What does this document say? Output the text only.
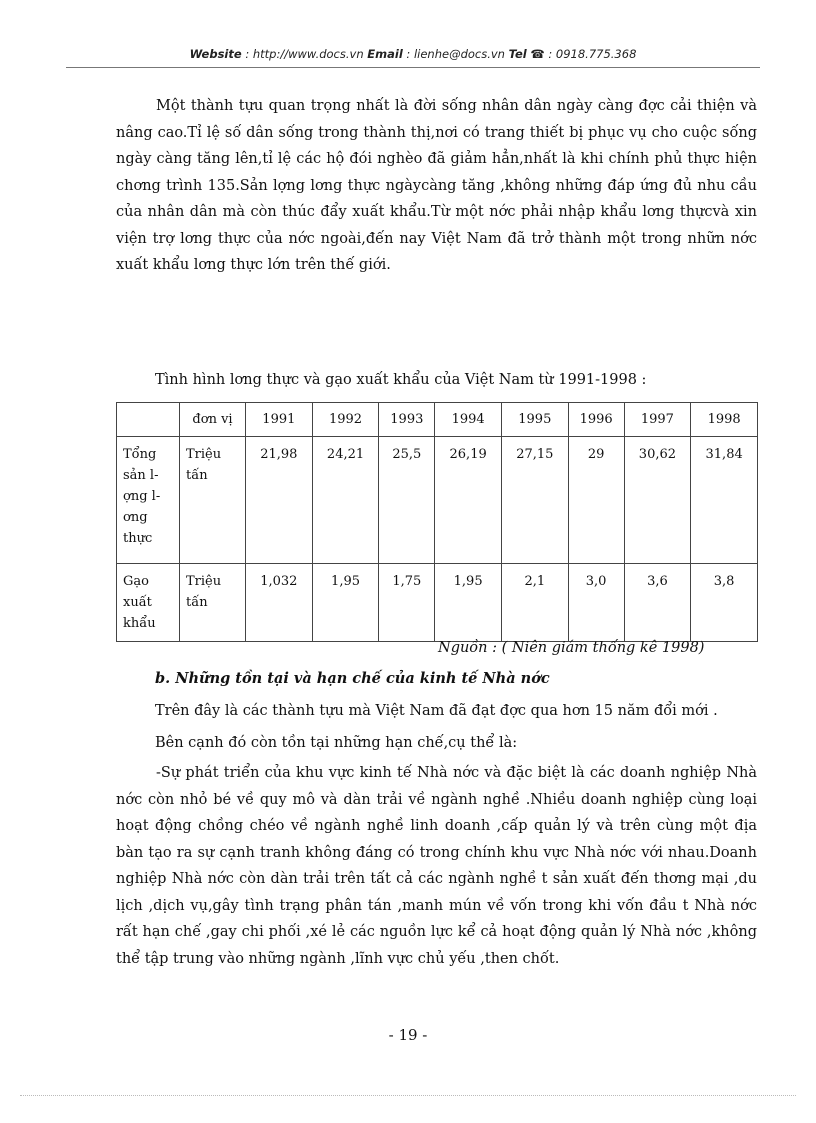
Website : http://www.docs.vn Email : lienhe@docs.vn Tel ☎ : 0918.775.368

Một thành tựu quan trọng nhất là đời sống nhân dân ngày càng đợc cải thiện và nâng cao.Tỉ lệ số dân sống trong thành thị,nơi có trang thiết bị phục vụ cho cuộc sống ngày càng tăng lên,tỉ lệ các hộ đói nghèo đã giảm hẳn,nhất là khi chính phủ thực hiện chơng trình 135.Sản lợng lơng thực ngàycàng tăng ,không những đáp ứng đủ nhu cầu của nhân dân mà còn thúc đẩy xuất khẩu.Từ một nớc phải nhập khẩu lơng thựcvà xin viện trợ lơng thực của nớc ngoài,đến nay Việt Nam đã trở thành một trong nhữn nớc xuất khẩu lơng thực lớn trên thế giới.

Tình hình lơng thực và gạo xuất khẩu của Việt Nam từ 1991-1998 :

	đơn vị	1991	1992	1993	1994	1995	1996	1997	1998
Tổng sản lợng lơng thực	Triệu tấn	21,98	24,21	25,5	26,19	27,15	29	30,62	31,84
Gạo xuất khẩu	Triệu tấn	1,032	1,95	1,75	1,95	2,1	3,0	3,6	3,8
Nguồn : ( Niên giám thống kê 1998)
b. Những tồn tại và hạn chế của kinh tế Nhà nớc
Trên đây là các thành tựu mà Việt Nam đã đạt đợc qua hơn 15 năm đổi mới .
Bên cạnh đó còn tồn tại những hạn chế,cụ thể là:

-Sự phát triển của khu vực kinh tế Nhà nớc và đặc biệt là các doanh nghiệp Nhà nớc còn nhỏ bé về quy mô và dàn trải về ngành nghề .Nhiều doanh nghiệp cùng loại hoạt động chồng chéo về ngành nghề linh doanh ,cấp quản lý và trên cùng một địa bàn tạo ra sự cạnh tranh không đáng có trong chính khu vực Nhà nớc với nhau.Doanh nghiệp Nhà nớc còn dàn trải trên tất cả các ngành nghề t sản xuất đến thơng mại ,du lịch ,dịch vụ,gây tình trạng phân tán ,manh mún về vốn trong khi vốn đầu t Nhà nớc rất hạn chế ,gay chi phối ,xé lẻ các nguồn lực kể cả hoạt động quản lý Nhà nớc ,không thể tập trung vào những ngành ,lĩnh vực chủ yếu ,then chốt.

- 19 -
